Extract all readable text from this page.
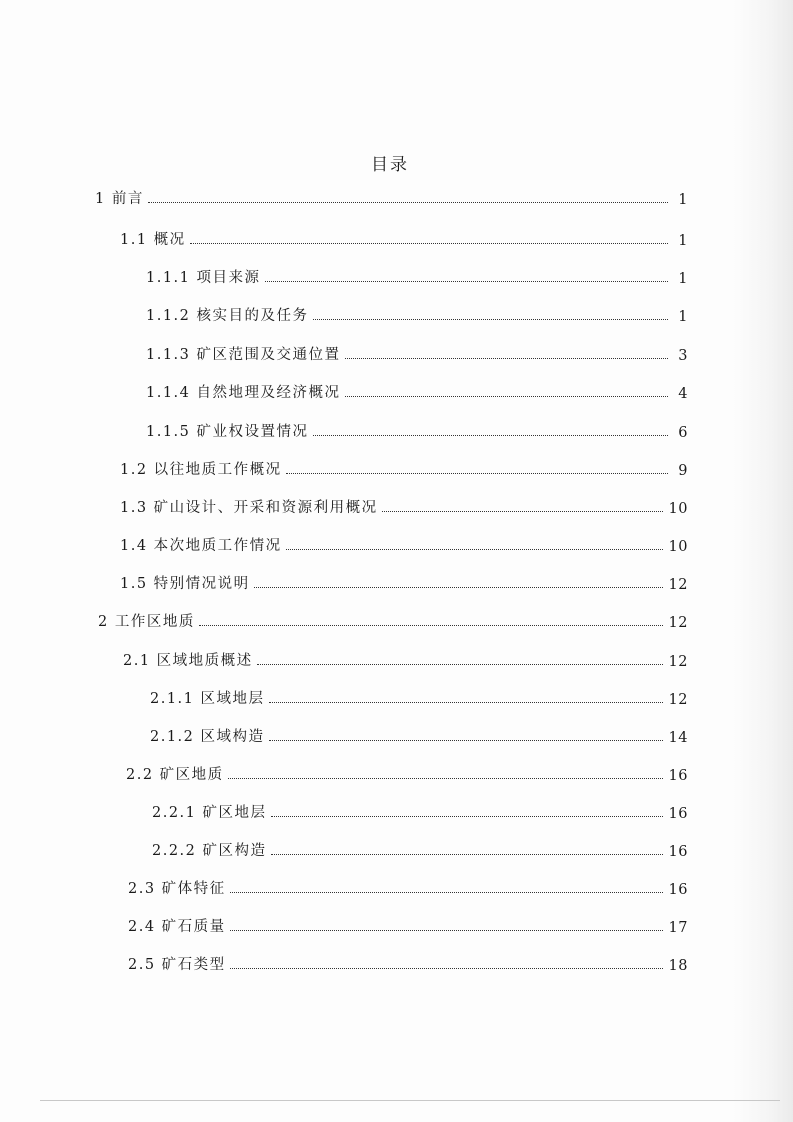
目录
1 前言	1
1.1 概况	1
1.1.1 项目来源	1
1.1.2 核实目的及任务	1
1.1.3 矿区范围及交通位置	3
1.1.4 自然地理及经济概况	4
1.1.5 矿业权设置情况	6
1.2 以往地质工作概况	9
1.3 矿山设计、开采和资源利用概况	10
1.4 本次地质工作情况	10
1.5 特别情况说明	12
2 工作区地质	12
2.1 区域地质概述	12
2.1.1 区域地层	12
2.1.2 区域构造	14
2.2 矿区地质	16
2.2.1 矿区地层	16
2.2.2 矿区构造	16
2.3 矿体特征	16
2.4 矿石质量	17
2.5 矿石类型	18
